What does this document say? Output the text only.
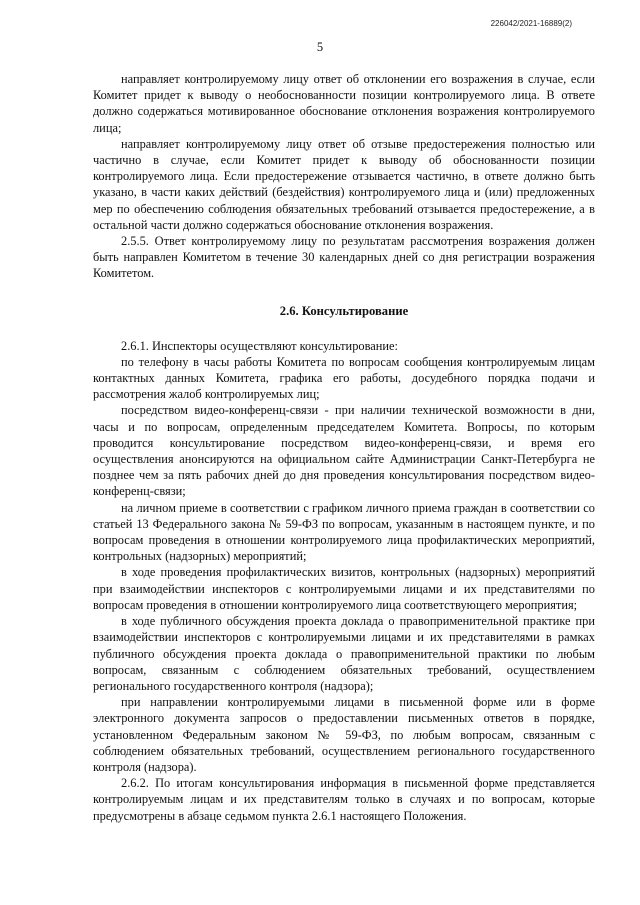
226042/2021-16889(2)
5

направляет контролируемому лицу ответ об отклонении его возражения в случае, если Комитет придет к выводу о необоснованности позиции контролируемого лица. В ответе должно содержаться мотивированное обоснование отклонения возражения контролируемого лица;

направляет контролируемому лицу ответ об отзыве предостережения полностью или частично в случае, если Комитет придет к выводу об обоснованности позиции контролируемого лица. Если предостережение отзывается частично, в ответе должно быть указано, в части каких действий (бездействия) контролируемого лица и (или) предложенных мер по обеспечению соблюдения обязательных требований отзывается предостережение, а в остальной части должно содержаться обоснование отклонения возражения.

2.5.5. Ответ контролируемому лицу по результатам рассмотрения возражения должен быть направлен Комитетом в течение 30 календарных дней со дня регистрации возражения Комитетом.

2.6. Консультирование

2.6.1. Инспекторы осуществляют консультирование:

по телефону в часы работы Комитета по вопросам сообщения контролируемым лицам контактных данных Комитета, графика его работы, досудебного порядка подачи и рассмотрения жалоб контролируемых лиц;

посредством видео-конференц-связи - при наличии технической возможности в дни, часы и по вопросам, определенным председателем Комитета. Вопросы, по которым проводится консультирование посредством видео-конференц-связи, и время его осуществления анонсируются на официальном сайте Администрации Санкт-Петербурга не позднее чем за пять рабочих дней до дня проведения консультирования посредством видео-конференц-связи;

на личном приеме в соответствии с графиком личного приема граждан в соответствии со статьей 13 Федерального закона № 59-ФЗ по вопросам, указанным в настоящем пункте, и по вопросам проведения в отношении контролируемого лица профилактических мероприятий, контрольных (надзорных) мероприятий;

в ходе проведения профилактических визитов, контрольных (надзорных) мероприятий при взаимодействии инспекторов с контролируемыми лицами и их представителями по вопросам проведения в отношении контролируемого лица соответствующего мероприятия;

в ходе публичного обсуждения проекта доклада о правоприменительной практике при взаимодействии инспекторов с контролируемыми лицами и их представителями в рамках публичного обсуждения проекта доклада о правоприменительной практики по любым вопросам, связанным с соблюдением обязательных требований, осуществлением регионального государственного контроля (надзора);

при направлении контролируемыми лицами в письменной форме или в форме электронного документа запросов о предоставлении письменных ответов в порядке, установленном Федеральным законом № 59-ФЗ, по любым вопросам, связанным с соблюдением обязательных требований, осуществлением регионального государственного контроля (надзора).

2.6.2. По итогам консультирования информация в письменной форме представляется контролируемым лицам и их представителям только в случаях и по вопросам, которые предусмотрены в абзаце седьмом пункта 2.6.1 настоящего Положения.
